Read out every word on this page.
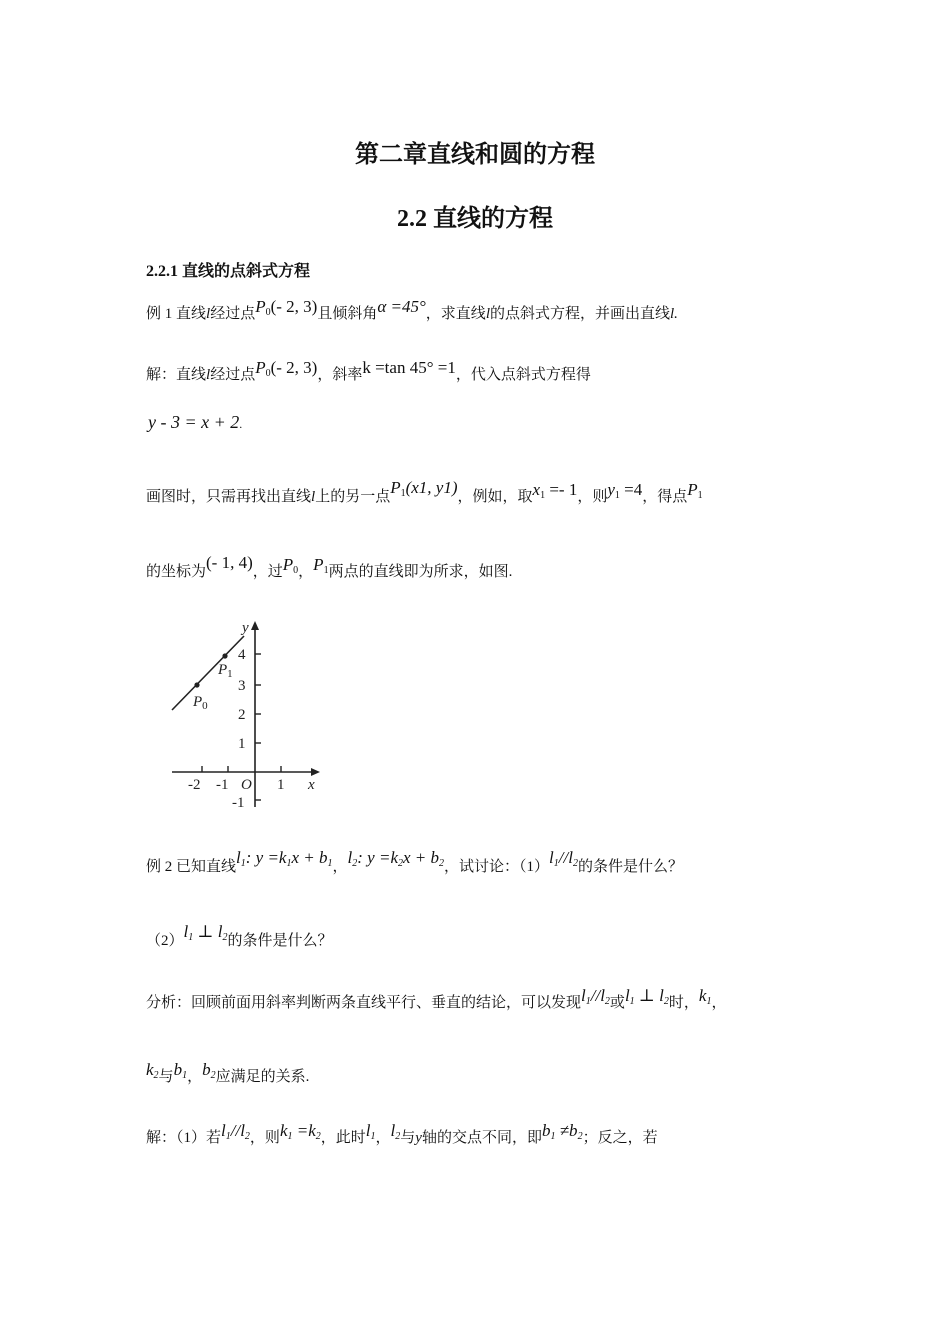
第二章直线和圆的方程
2.2 直线的方程
2.2.1 直线的点斜式方程
例 1 直线l经过点$P_0(-$ 2, 3)且倾斜角α =45°，求直线l的点斜式方程，并画出直线l.
解：直线l经过点$P_0(-$ 2, 3)，斜率k =tan 45° =1，代入点斜式方程得
y - 3 = x + 2.
画图时，只需再找出直线l上的另一点$P_1(x1$, y1)，例如，取$x_1 =- 1$，则$y_1 =4$，得点$P_1$
的坐标为(- 1, 4)，过$P_0$，$P_1$两点的直线即为所求，如图.
4
3
2
1
-1
-2 -1	1
O	x
y
$P_0$
$P_1$
例 2 已知直线$l_1$: $y =k_1x + b_1$，$l_2$: $y =k_2x + b_2$，试讨论：$(1)l_1//l_2$的条件是什么？
$(2)l_1$ ⊥ $l_2$的条件是什么？
分析：回顾前面用斜率判断两条直线平行、垂直的结论，可以发现$l_1//l_2$或$l_1$ ⊥ $l_2$时，$k_1$，
$k_2$与$b_1$，$b_2$应满足的关系.
解：（1）若$l_1//l_2$，则$k_1 =k_2$，此时$l_1$，$l_2$与y轴的交点不同，即$b_1 \ne b_2$；反之，若
